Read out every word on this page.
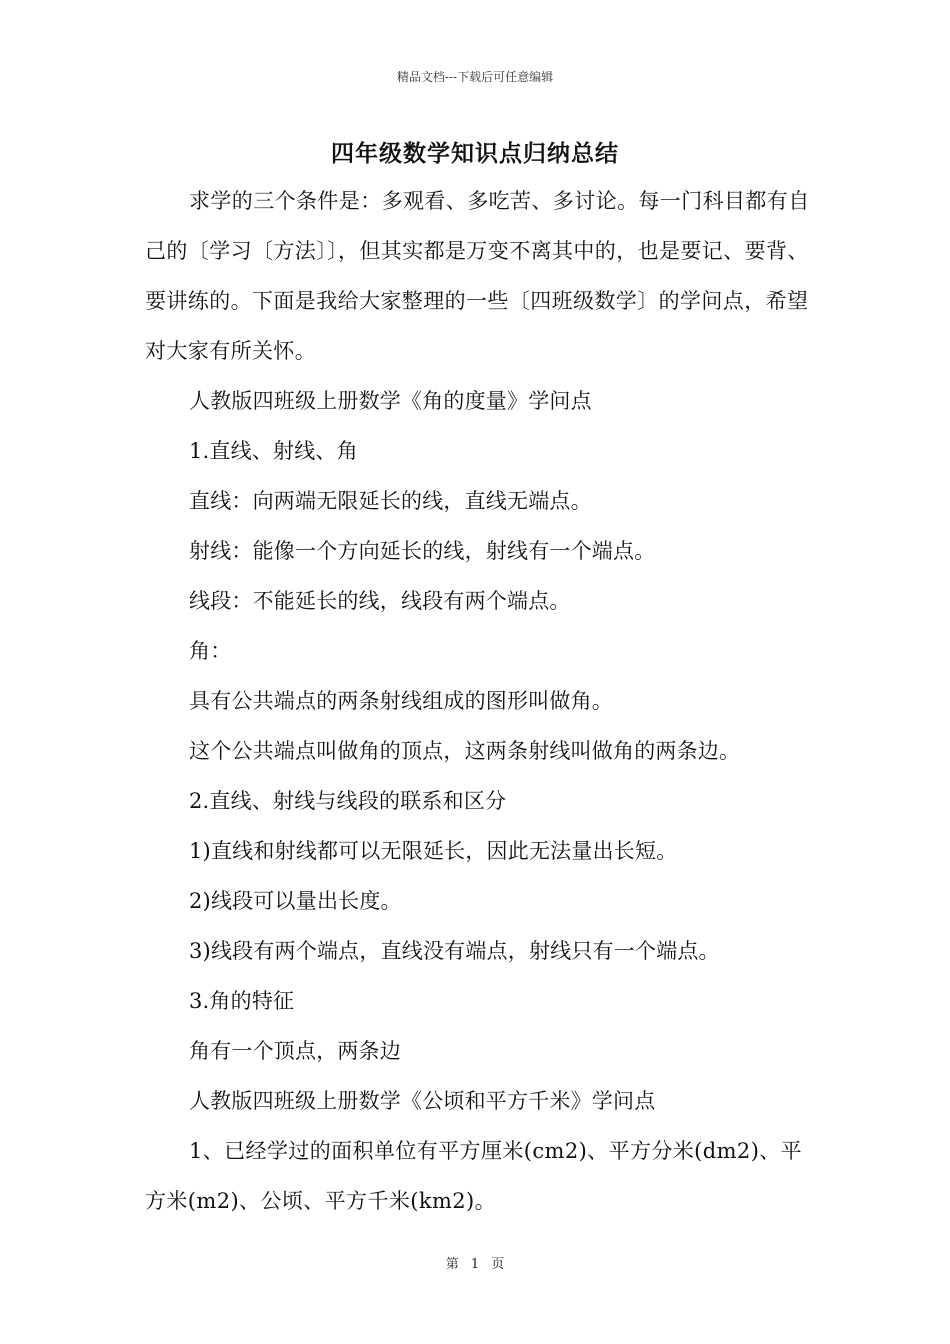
精品文档---下载后可任意编辑
四年级数学知识点归纳总结

求学的三个条件是：多观看、多吃苦、多讨论。每一门科目都有自己的〔学习〔方法〕〕，但其实都是万变不离其中的，也是要记、要背、要讲练的。下面是我给大家整理的一些〔四班级数学〕的学问点，希望对大家有所关怀。

人教版四班级上册数学《角的度量》学问点

1.直线、射线、角

直线：向两端无限延长的线，直线无端点。

射线：能像一个方向延长的线，射线有一个端点。

线段：不能延长的线，线段有两个端点。

角：

具有公共端点的两条射线组成的图形叫做角。

这个公共端点叫做角的顶点，这两条射线叫做角的两条边。

2.直线、射线与线段的联系和区分

1)直线和射线都可以无限延长，因此无法量出长短。

2)线段可以量出长度。

3)线段有两个端点，直线没有端点，射线只有一个端点。

3.角的特征

角有一个顶点，两条边

人教版四班级上册数学《公顷和平方千米》学问点

1、已经学过的面积单位有平方厘米(cm2)、平方分米(dm2)、平方米(m2)、公顷、平方千米(km2)。

第 1 页
